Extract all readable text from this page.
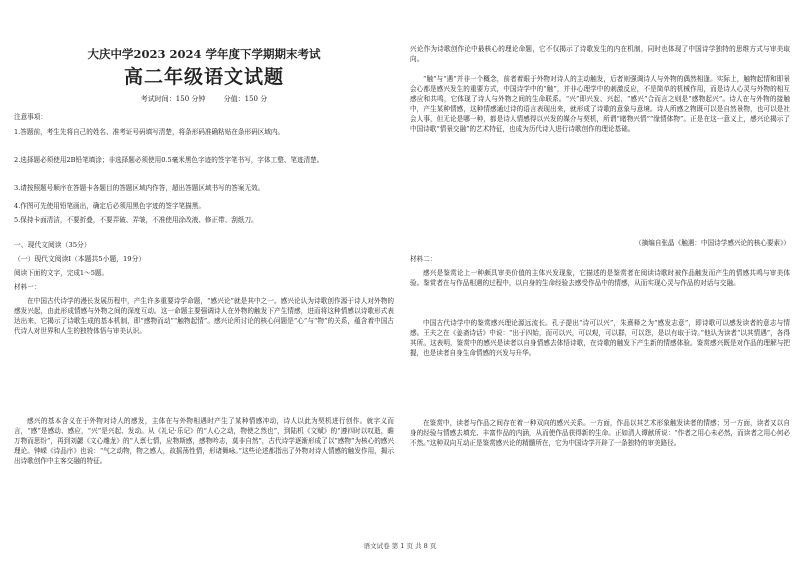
大庆中学2023 2024 学年度下学期期末考试
高二年级语文试题
考试时间：150 分钟	分值：150 分

注意事项：

1.答题前，考生先将自己的姓名、准考证号码填写清楚，将条形码准确粘贴在条形码区域内。

2.选择题必须使用2B铅笔填涂；非选择题必须使用0.5毫米黑色字迹的签字笔书写，字体工整、笔迹清楚。

3.请按照题号顺序在答题卡各题目的答题区域内作答，超出答题区域书写的答案无效。

4.作图可先使用铅笔画出，确定后必须用黑色字迹的签字笔描黑。

5.保持卡面清洁，不要折叠，不要弄破、弄皱，不准使用涂改液、修正带、刮纸刀。

一、现代文阅读（35分）

（一）现代文阅读Ⅰ（本题共5小题，19分）

阅读下面的文字，完成1～5题。

材料一：

在中国古代诗学的漫长发展历程中，产生许多重要诗学命题，“感兴论”就是其中之一。感兴论认为诗歌创作源于诗人对外物的感发兴起，由此形成情感与外物之间的深度互动。这一命题主要强调诗人在外物的触发下产生情感，进而将这种情感以诗歌形式表达出来，它揭示了诗歌生成的基本机制，即“感物而动”“触物起情”。感兴论所讨论的核心问题是“心”与“物”的关系，蕴含着中国古代诗人对世界和人生的独特体悟与审美认识。

感兴的基本含义在于外物对诗人的感发，主体在与外物相遇时产生了某种情感冲动，诗人以此为契机进行创作。就字义而言，“感”是感动、感应，“兴”是兴起、发动。从《礼记·乐记》的“人心之动，物使之然也”，到陆机《文赋》的“遵四时以叹逝，瞻万物而思纷”，再到刘勰《文心雕龙》的“人禀七情，应物斯感，感物吟志，莫非自然”，古代诗学逐渐形成了以“感物”为核心的感兴理论。钟嵘《诗品序》也说：“气之动物，物之感人，故摇荡性情，形诸舞咏。”这些论述都指出了外物对诗人情感的触发作用，揭示出诗歌创作中主客交融的特征。

兴论作为诗歌创作论中最核心的理论命题，它不仅揭示了诗歌发生的内在机制，同时也体现了中国诗学独特的思维方式与审美取向。

“触”与“遇”并非一个概念，前者着眼于外物对诗人的主动触发，后者则强调诗人与外物的偶然相逢。实际上，触物起情和即景会心都是感兴发生的重要方式，中国诗学中的“触”，并非心理学中的刺激反应，不是简单的机械作用，而是诗人心灵与外物的相互感应和共鸣，它体现了诗人与外物之间的生命联系。“兴”即兴发、兴起，“感兴”合而言之则是“感物起兴”。诗人在与外物的接触中，产生某种情感，这种情感通过诗的语言表现出来，就形成了诗歌的意象与意境。诗人所感之物既可以是自然景物，也可以是社会人事，但无论是哪一种，都是诗人情感得以兴发的媒介与契机，所谓“睹物兴情”“缘情体物”。正是在这一意义上，感兴论揭示了中国诗歌“情景交融”的艺术特征，也成为历代诗人进行诗歌创作的理论基础。

（摘编自张晶《触遇：中国诗学感兴论的核心要素》）

材料二：

感兴是鉴赏论上一种颇具审美价值的主体兴发现象，它描述的是鉴赏者在阅读诗歌时被作品触发而产生的情感共鸣与审美体验。鉴赏者在与作品相遇的过程中，以自身的生命经验去感受作品中的情感，从而实现心灵与作品的对话与交融。

中国古代诗学中的鉴赏感兴理论源远流长。孔子提出“诗可以兴”，朱熹释之为“感发志意”，即诗歌可以感发读者的意志与情感。王夫之在《姜斋诗话》中说：“出于四始，而可以兴，可以观，可以群，可以怨，是以有取于诗。”他认为读者“以其情遇”，各得其所。这表明，鉴赏中的感兴是读者以自身情感去体悟诗歌，在诗歌的触发下产生新的情感体验。鉴赏感兴既是对作品的理解与把握，也是读者自身生命情感的兴发与升华。

在鉴赏中，读者与作品之间存在着一种双向的感兴关系。一方面，作品以其艺术形象触发读者的情感；另一方面，读者又以自身的经验与情感去填充、丰富作品的内涵，从而使作品获得新的生命。正如清人谭献所说：“作者之用心未必然，而读者之用心何必不然。”这种双向互动正是鉴赏感兴论的精髓所在，它为中国诗学开辟了一条独特的审美路径。

语文试卷 第 1 页 共 8 页
